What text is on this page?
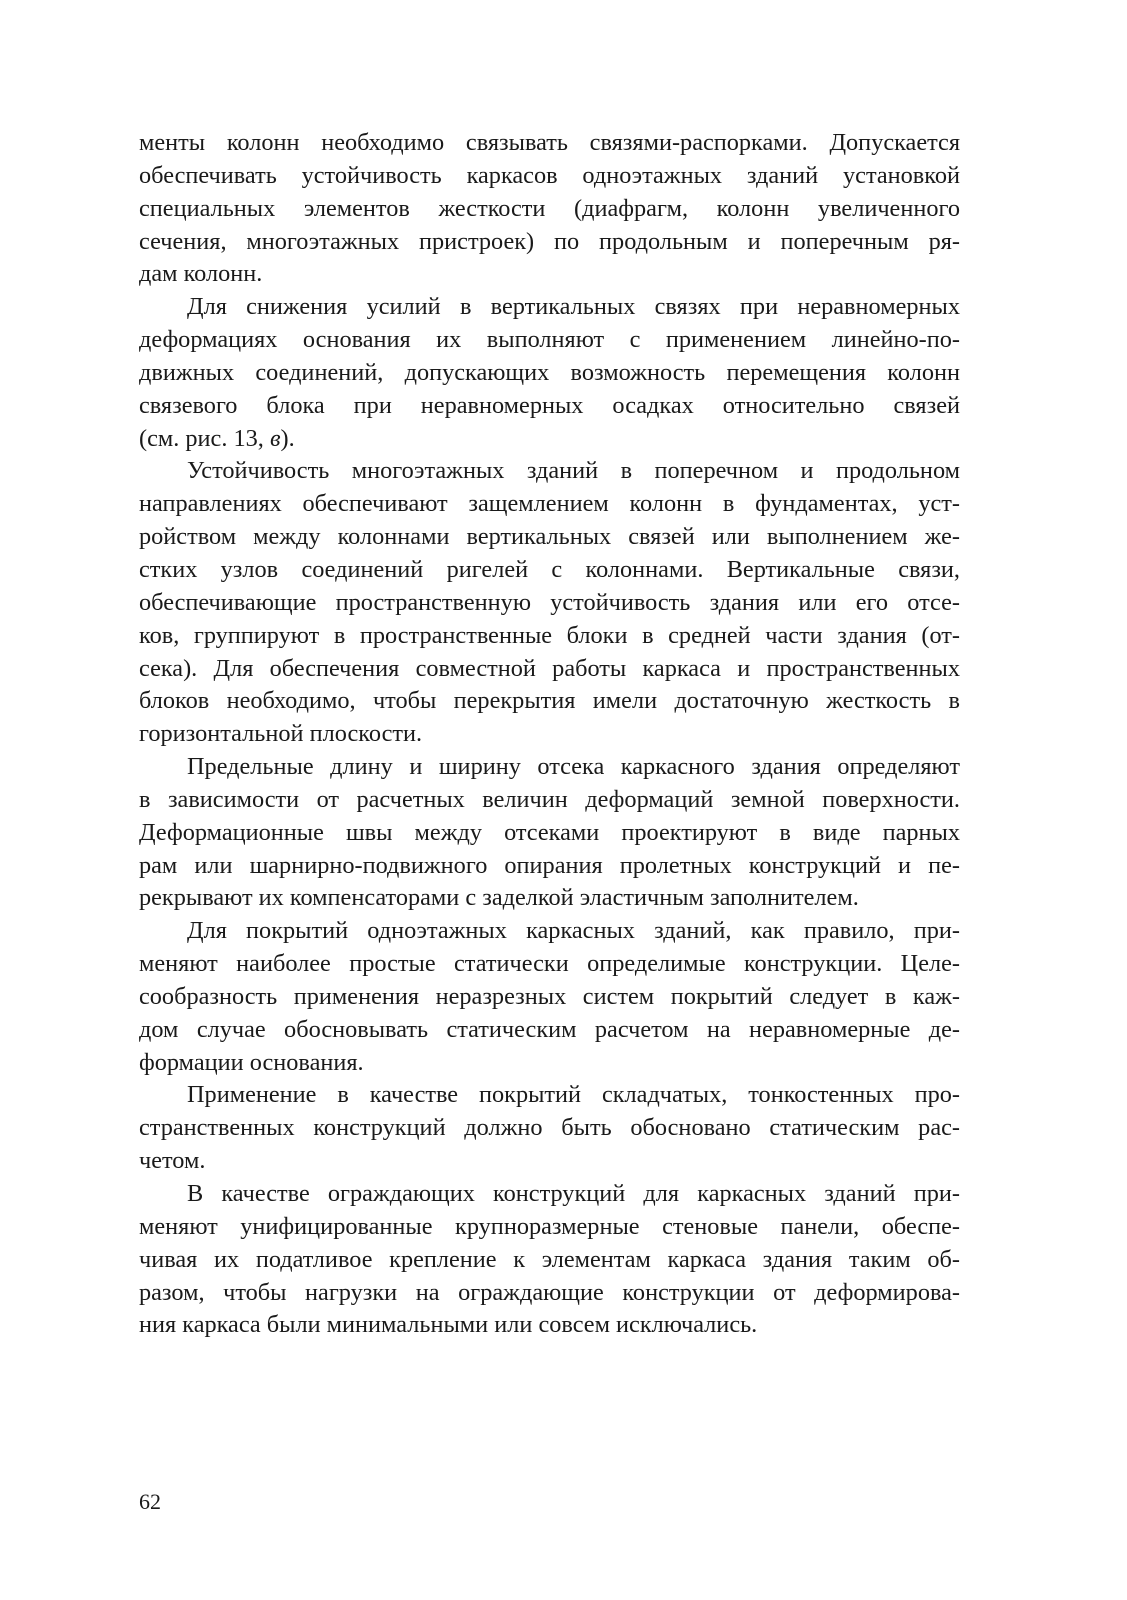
менты колонн необходимо связывать связями-распорками. Допускается
обеспечивать устойчивость каркасов одноэтажных зданий установкой
специальных элементов жесткости (диафрагм, колонн увеличенного
сечения, многоэтажных пристроек) по продольным и поперечным ря-
дам колонн.
Для снижения усилий в вертикальных связях при неравномерных
деформациях основания их выполняют с применением линейно-по-
движных соединений, допускающих возможность перемещения колонн
связевого блока при неравномерных осадках относительно связей
(см. рис. 13, в).
Устойчивость многоэтажных зданий в поперечном и продольном
направлениях обеспечивают защемлением колонн в фундаментах, уст-
ройством между колоннами вертикальных связей или выполнением же-
стких узлов соединений ригелей с колоннами. Вертикальные связи,
обеспечивающие пространственную устойчивость здания или его отсе-
ков, группируют в пространственные блоки в средней части здания (от-
сека). Для обеспечения совместной работы каркаса и пространственных
блоков необходимо, чтобы перекрытия имели достаточную жесткость в
горизонтальной плоскости.
Предельные длину и ширину отсека каркасного здания определяют
в зависимости от расчетных величин деформаций земной поверхности.
Деформационные швы между отсеками проектируют в виде парных
рам или шарнирно-подвижного опирания пролетных конструкций и пе-
рекрывают их компенсаторами с заделкой эластичным заполнителем.
Для покрытий одноэтажных каркасных зданий, как правило, при-
меняют наиболее простые статически определимые конструкции. Целе-
сообразность применения неразрезных систем покрытий следует в каж-
дом случае обосновывать статическим расчетом на неравномерные де-
формации основания.
Применение в качестве покрытий складчатых, тонкостенных про-
странственных конструкций должно быть обосновано статическим рас-
четом.
В качестве ограждающих конструкций для каркасных зданий при-
меняют унифицированные крупноразмерные стеновые панели, обеспе-
чивая их податливое крепление к элементам каркаса здания таким об-
разом, чтобы нагрузки на ограждающие конструкции от деформирова-
ния каркаса были минимальными или совсем исключались.
62
